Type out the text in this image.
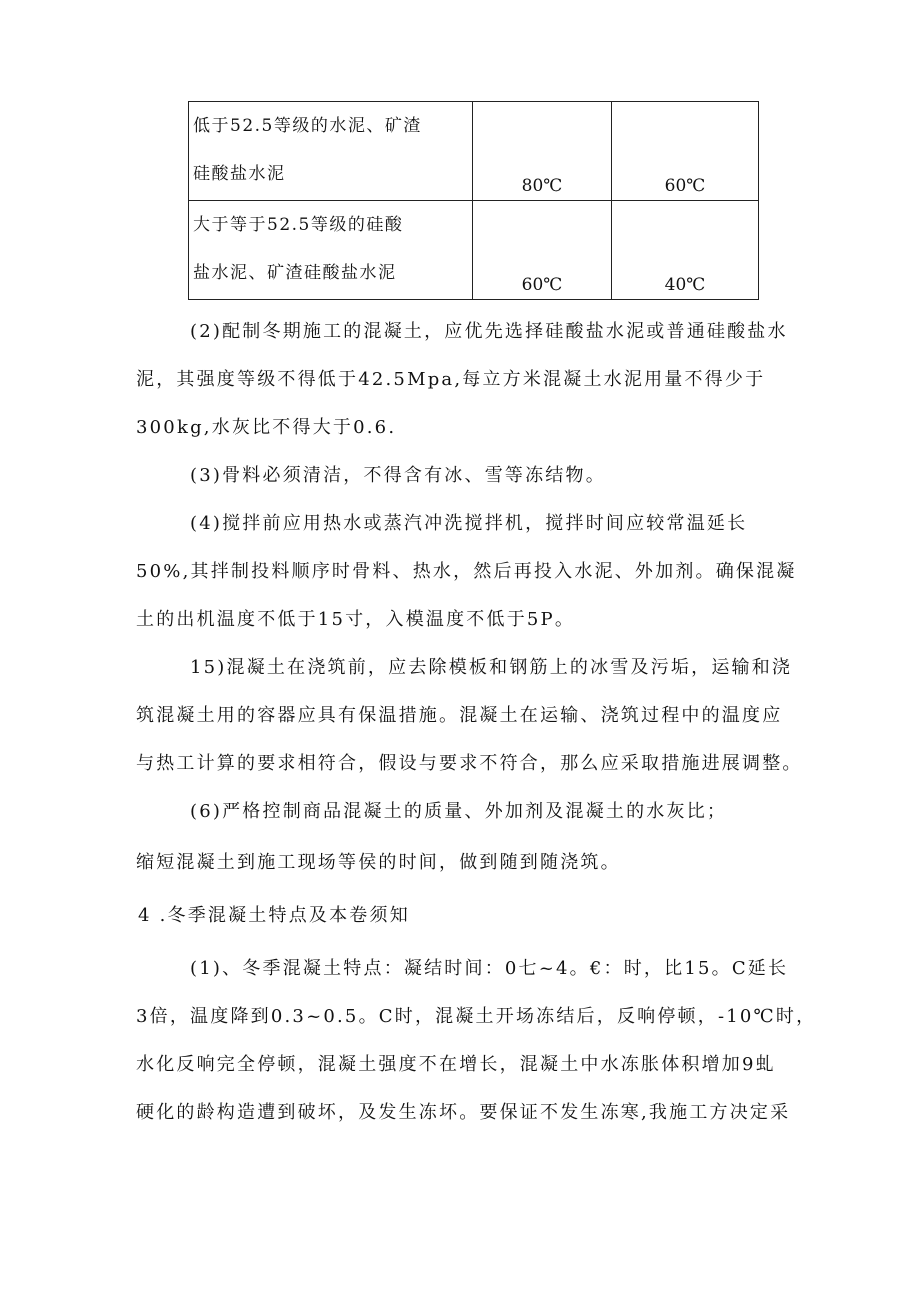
低于52.5等级的水泥、矿渣
硅酸盐水泥	80℃	60℃

大于等于52.5等级的硅酸
盐水泥、矿渣硅酸盐水泥	60℃	40℃
(2)配制冬期施工的混凝土，应优先选择硅酸盐水泥或普通硅酸盐水
泥，其强度等级不得低于42.5Mpa,每立方米混凝土水泥用量不得少于
300kg,水灰比不得大于0.6.
(3)骨料必须清洁，不得含有冰、雪等冻结物。
(4)搅拌前应用热水或蒸汽冲洗搅拌机，搅拌时间应较常温延长
50%,其拌制投料顺序时骨料、热水，然后再投入水泥、外加剂。确保混凝
土的出机温度不低于15寸，入模温度不低于5P。
15)混凝土在浇筑前，应去除模板和钢筋上的冰雪及污垢，运输和浇
筑混凝土用的容器应具有保温措施。混凝土在运输、浇筑过程中的温度应
与热工计算的要求相符合，假设与要求不符合，那么应采取措施进展调整。
(6)严格控制商品混凝土的质量、外加剂及混凝土的水灰比；
缩短混凝土到施工现场等侯的时间，做到随到随浇筑。
4 .冬季混凝土特点及本卷须知
(1)、冬季混凝土特点：凝结时间：0七~4。€：时，比15。C延长
3倍，温度降到0.3~0.5。C时，混凝土开场冻结后，反响停顿，-10℃时，
水化反响完全停顿，混凝土强度不在增长，混凝土中水冻胀体积增加9虬
硬化的龄构造遭到破坏，及发生冻坏。要保证不发生冻寒,我施工方决定采
